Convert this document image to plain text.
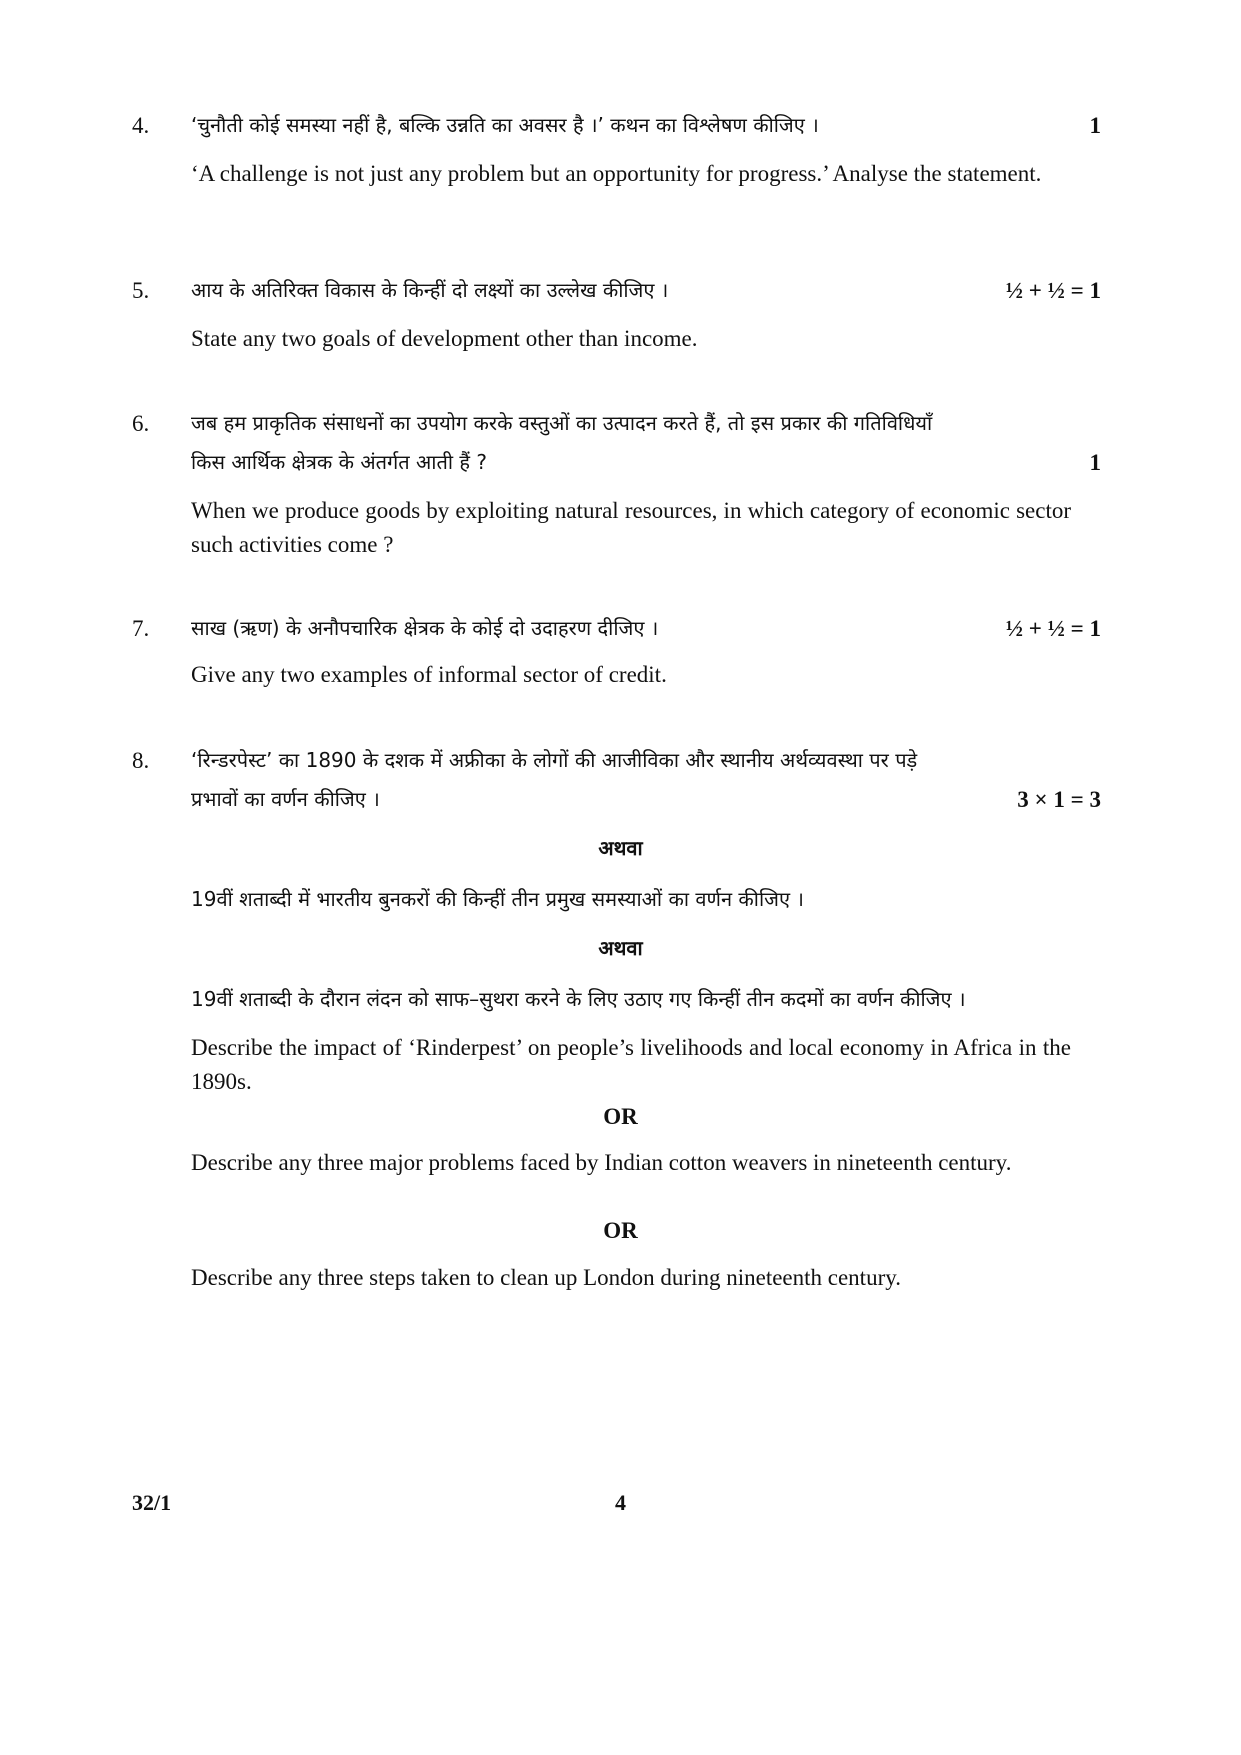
4. ‘चुनौती कोई समस्या नहीं है, बल्कि उन्नति का अवसर है ।’ कथन का विश्लेषण कीजिए ।	1
‘A challenge is not just any problem but an opportunity for progress.’ Analyse the statement.
5. आय के अतिरिक्त विकास के किन्हीं दो लक्ष्यों का उल्लेख कीजिए ।	½ + ½ = 1
State any two goals of development other than income.
6. जब हम प्राकृतिक संसाधनों का उपयोग करके वस्तुओं का उत्पादन करते हैं, तो इस प्रकार की गतिविधियाँ
किस आर्थिक क्षेत्रक के अंतर्गत आती हैं ?	1
When we produce goods by exploiting natural resources, in which category of economic sector such activities come ?
7. साख (ऋण) के अनौपचारिक क्षेत्रक के कोई दो उदाहरण दीजिए ।	½ + ½ = 1
Give any two examples of informal sector of credit.
8. ‘रिन्डरपेस्ट’ का 1890 के दशक में अफ्रीका के लोगों की आजीविका और स्थानीय अर्थव्यवस्था पर पड़े
प्रभावों का वर्णन कीजिए ।	3 × 1 = 3
अथवा
19वीं शताब्दी में भारतीय बुनकरों की किन्हीं तीन प्रमुख समस्याओं का वर्णन कीजिए ।
अथवा
19वीं शताब्दी के दौरान लंदन को साफ–सुथरा करने के लिए उठाए गए किन्हीं तीन कदमों का वर्णन कीजिए ।
Describe the impact of ‘Rinderpest’ on people’s livelihoods and local economy in Africa in the 1890s.
OR
Describe any three major problems faced by Indian cotton weavers in nineteenth century.
OR
Describe any three steps taken to clean up London during nineteenth century.
32/1	4
